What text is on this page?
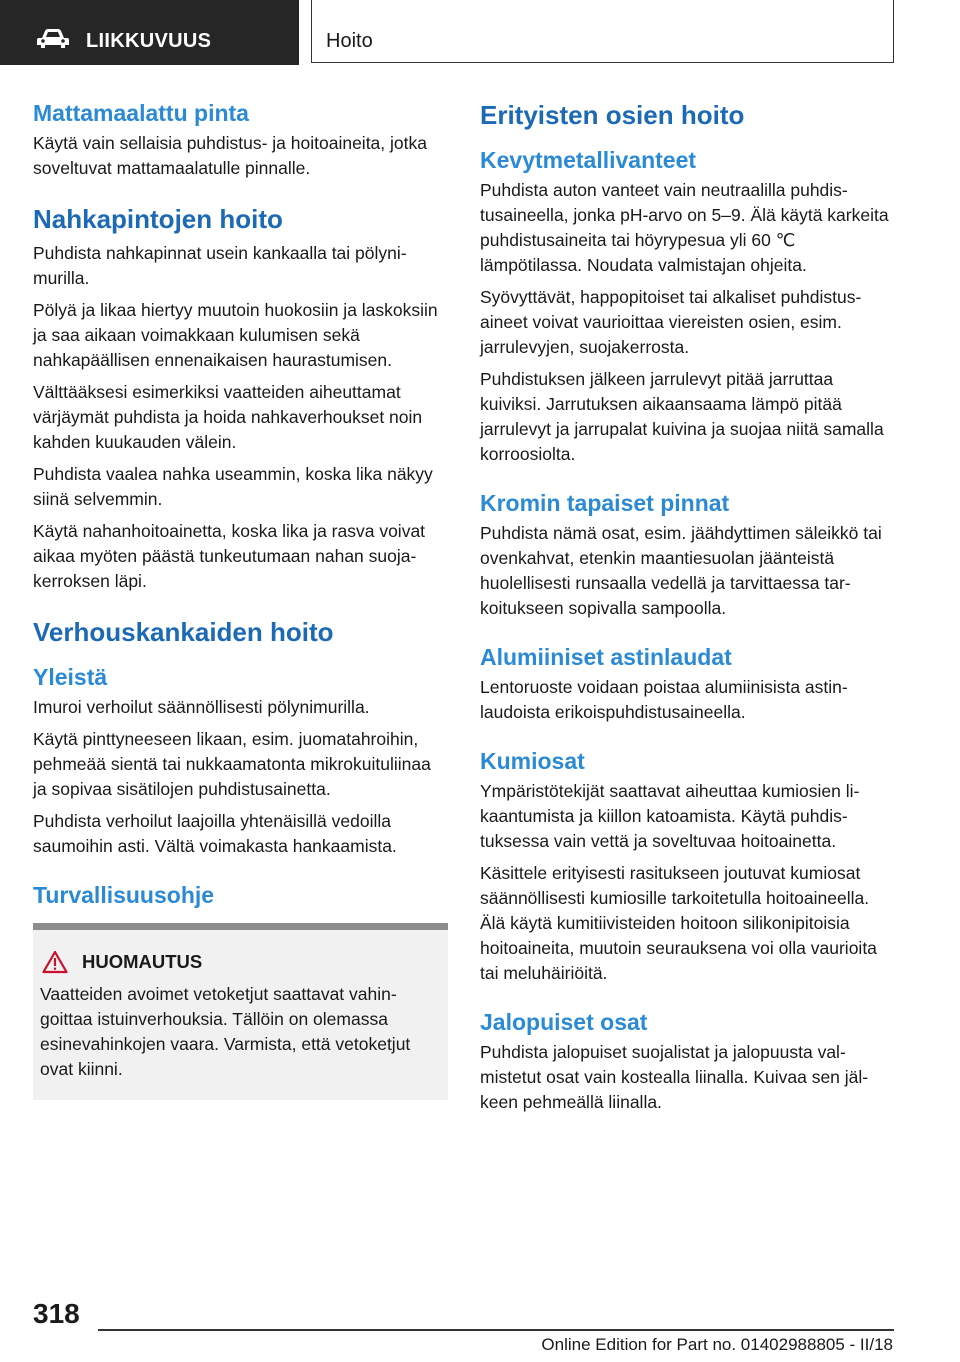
LIIKKUVUUS	Hoito
Mattamaalattu pinta

Käytä vain sellaisia puhdistus- ja hoitoaineita, jotka soveltuvat mattamaalatulle pinnalle.

Nahkapintojen hoito

Puhdista nahkapinnat usein kankaalla tai pölynimurilla.

Pölyä ja likaa hiertyy muutoin huokosiin ja laskoksiin ja saa aikaan voimakkaan kulumisen sekä nahkapäällisen ennenaikaisen haurastumisen.

Välttääksesi esimerkiksi vaatteiden aiheuttamat värjäymät puhdista ja hoida nahkaverhoukset noin kahden kuukauden välein.

Puhdista vaalea nahka useammin, koska lika näkyy siinä selvemmin.

Käytä nahanhoitoainetta, koska lika ja rasva voivat aikaa myöten päästä tunkeutumaan nahan suojakerroksen läpi.

Verhouskankaiden hoito
Yleistä

Imuroi verhoilut säännöllisesti pölynimurilla.

Käytä pinttyneeseen likaan, esim. juomatahroihin, pehmeää sientä tai nukkaamatonta mikrokuituliinaa ja sopivaa sisätilojen puhdistusainetta.

Puhdista verhoilut laajoilla yhtenäisillä vedoilla saumoihin asti. Vältä voimakasta hankaamista.

Turvallisuusohje
HUOMAUTUS

Vaatteiden avoimet vetoketjut saattavat vahingoittaa istuinverhouksia. Tällöin on olemassa esinevahinkojen vaara. Varmista, että vetoketjut ovat kiinni.

Erityisten osien hoito
Kevytmetallivanteet

Puhdista auton vanteet vain neutraalilla puhdistusaineella, jonka pH-arvo on 5–9. Älä käytä karkeita puhdistusaineita tai höyrypesua yli 60 ℃ lämpötilassa. Noudata valmistajan ohjeita.

Syövyttävät, happopitoiset tai alkaliset puhdistusaineet voivat vaurioittaa viereisten osien, esim. jarrulevyjen, suojakerrosta.

Puhdistuksen jälkeen jarrulevyt pitää jarruttaa kuiviksi. Jarrutuksen aikaansaama lämpö pitää jarrulevyt ja jarrupalat kuivina ja suojaa niitä samalla korroosiolta.

Kromin tapaiset pinnat

Puhdista nämä osat, esim. jäähdyttimen säleikkö tai ovenkahvat, etenkin maantiesuolan jäänteistä huolellisesti runsaalla vedellä ja tarvittaessa tarkoitukseen sopivalla sampoolla.

Alumiiniset astinlaudat

Lentoruoste voidaan poistaa alumiinisista astinlaudoista erikoispuhdistusaineella.

Kumiosat

Ympäristötekijät saattavat aiheuttaa kumiosien likaantumista ja kiillon katoamista. Käytä puhdistuksessa vain vettä ja soveltuvaa hoitoainetta.

Käsittele erityisesti rasitukseen joutuvat kumiosat säännöllisesti kumiosille tarkoitetulla hoitoaineella. Älä käytä kumitiivisteiden hoitoon silikonipitoisia hoitoaineita, muutoin seurauksena voi olla vaurioita tai meluhäiriöitä.

Jalopuiset osat

Puhdista jalopuiset suojalistat ja jalopuusta valmistetut osat vain kostealla liinalla. Kuivaa sen jälkeen pehmeällä liinalla.

318
Online Edition for Part no. 01402988805 - II/18
